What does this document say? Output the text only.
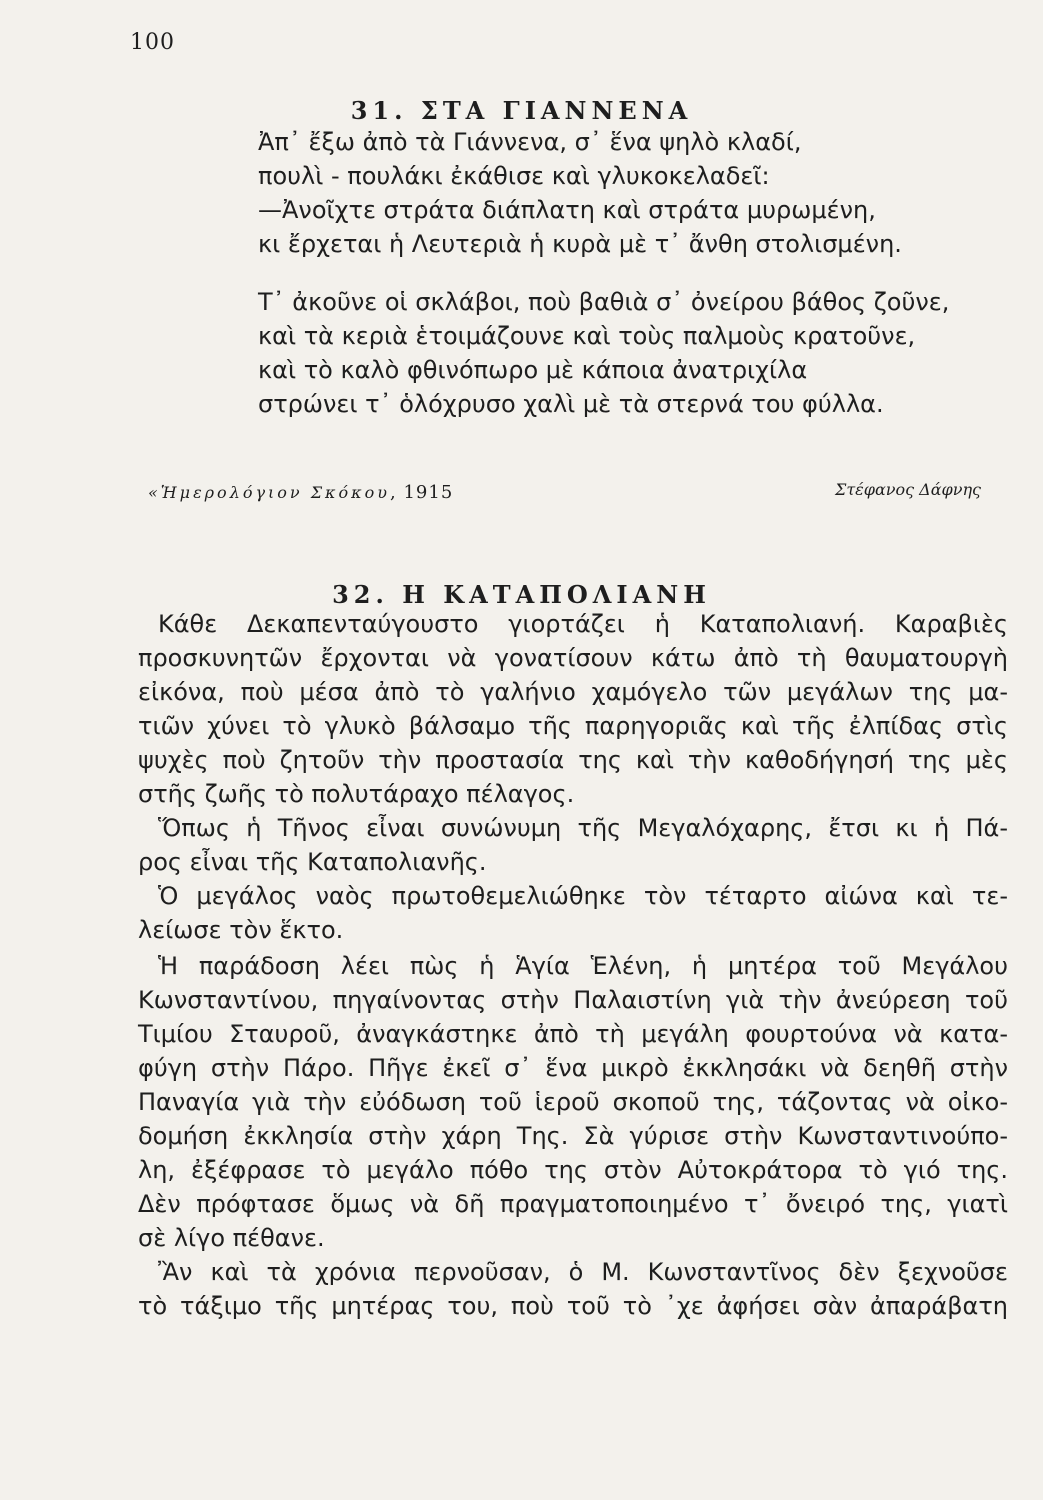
100
31. ΣΤΑ ΓΙΑΝΝΕΝΑ
Ἀπ᾿ ἔξω ἀπὸ τὰ Γιάννενα, σ᾿ ἕνα ψηλὸ κλαδί,
πουλὶ - πουλάκι ἐκάθισε καὶ γλυκοκελαδεῖ:
—Ἀνοῖχτε στράτα διάπλατη καὶ στράτα μυρωμένη,
κι ἔρχεται ἡ Λευτεριὰ ἡ κυρὰ μὲ τ᾿ ἄνθη στολισμένη.
Τ᾿ ἀκοῦνε οἱ σκλάβοι, ποὺ βαθιὰ σ᾿ ὀνείρου βάθος ζοῦνε,
καὶ τὰ κεριὰ ἑτοιμάζουνε καὶ τοὺς παλμοὺς κρατοῦνε,
καὶ τὸ καλὸ φθινόπωρο μὲ κάποια ἀνατριχίλα
στρώνει τ᾿ ὁλόχρυσο χαλὶ μὲ τὰ στερνά του φύλλα.
«Ἡμερολόγιον Σκόκου, 1915	Στέφανος Δάφνης
32. Η ΚΑΤΑΠΟΛΙΑΝΗ
Κάθε Δεκαπενταύγουστο γιορτάζει ἡ Καταπολιανή. Καραβιὲς
προσκυνητῶν ἔρχονται νὰ γονατίσουν κάτω ἀπὸ τὴ θαυματουργὴ
εἰκόνα, ποὺ μέσα ἀπὸ τὸ γαλήνιο χαμόγελο τῶν μεγάλων της μα-
τιῶν χύνει τὸ γλυκὸ βάλσαμο τῆς παρηγοριᾶς καὶ τῆς ἐλπίδας στὶς
ψυχὲς ποὺ ζητοῦν τὴν προστασία της καὶ τὴν καθοδήγησή της μὲς
στῆς ζωῆς τὸ πολυτάραχο πέλαγος.
Ὅπως ἡ Τῆνος εἶναι συνώνυμη τῆς Μεγαλόχαρης, ἔτσι κι ἡ Πά-
ρος εἶναι τῆς Καταπολιανῆς.
Ὁ μεγάλος ναὸς πρωτοθεμελιώθηκε τὸν τέταρτο αἰώνα καὶ τε-
λείωσε τὸν ἕκτο.
Ἡ παράδοση λέει πὼς ἡ Ἁγία Ἑλένη, ἡ μητέρα τοῦ Μεγάλου
Κωνσταντίνου, πηγαίνοντας στὴν Παλαιστίνη γιὰ τὴν ἀνεύρεση τοῦ
Τιμίου Σταυροῦ, ἀναγκάστηκε ἀπὸ τὴ μεγάλη φουρτούνα νὰ κατα-
φύγη στὴν Πάρο. Πῆγε ἐκεῖ σ᾿ ἕνα μικρὸ ἐκκλησάκι νὰ δεηθῆ στὴν
Παναγία γιὰ τὴν εὐόδωση τοῦ ἱεροῦ σκοποῦ της, τάζοντας νὰ οἰκο-
δομήση ἐκκλησία στὴν χάρη Της. Σὰ γύρισε στὴν Κωνσταντινούπο-
λη, ἐξέφρασε τὸ μεγάλο πόθο της στὸν Αὐτοκράτορα τὸ γιό της.
Δὲν πρόφτασε ὅμως νὰ δῆ πραγματοποιημένο τ᾿ ὄνειρό της, γιατὶ
σὲ λίγο πέθανε.
Ἂν καὶ τὰ χρόνια περνοῦσαν, ὁ Μ. Κωνσταντῖνος δὲν ξεχνοῦσε
τὸ τάξιμο τῆς μητέρας του, ποὺ τοῦ τὸ ᾿χε ἀφήσει σὰν ἀπαράβατη
